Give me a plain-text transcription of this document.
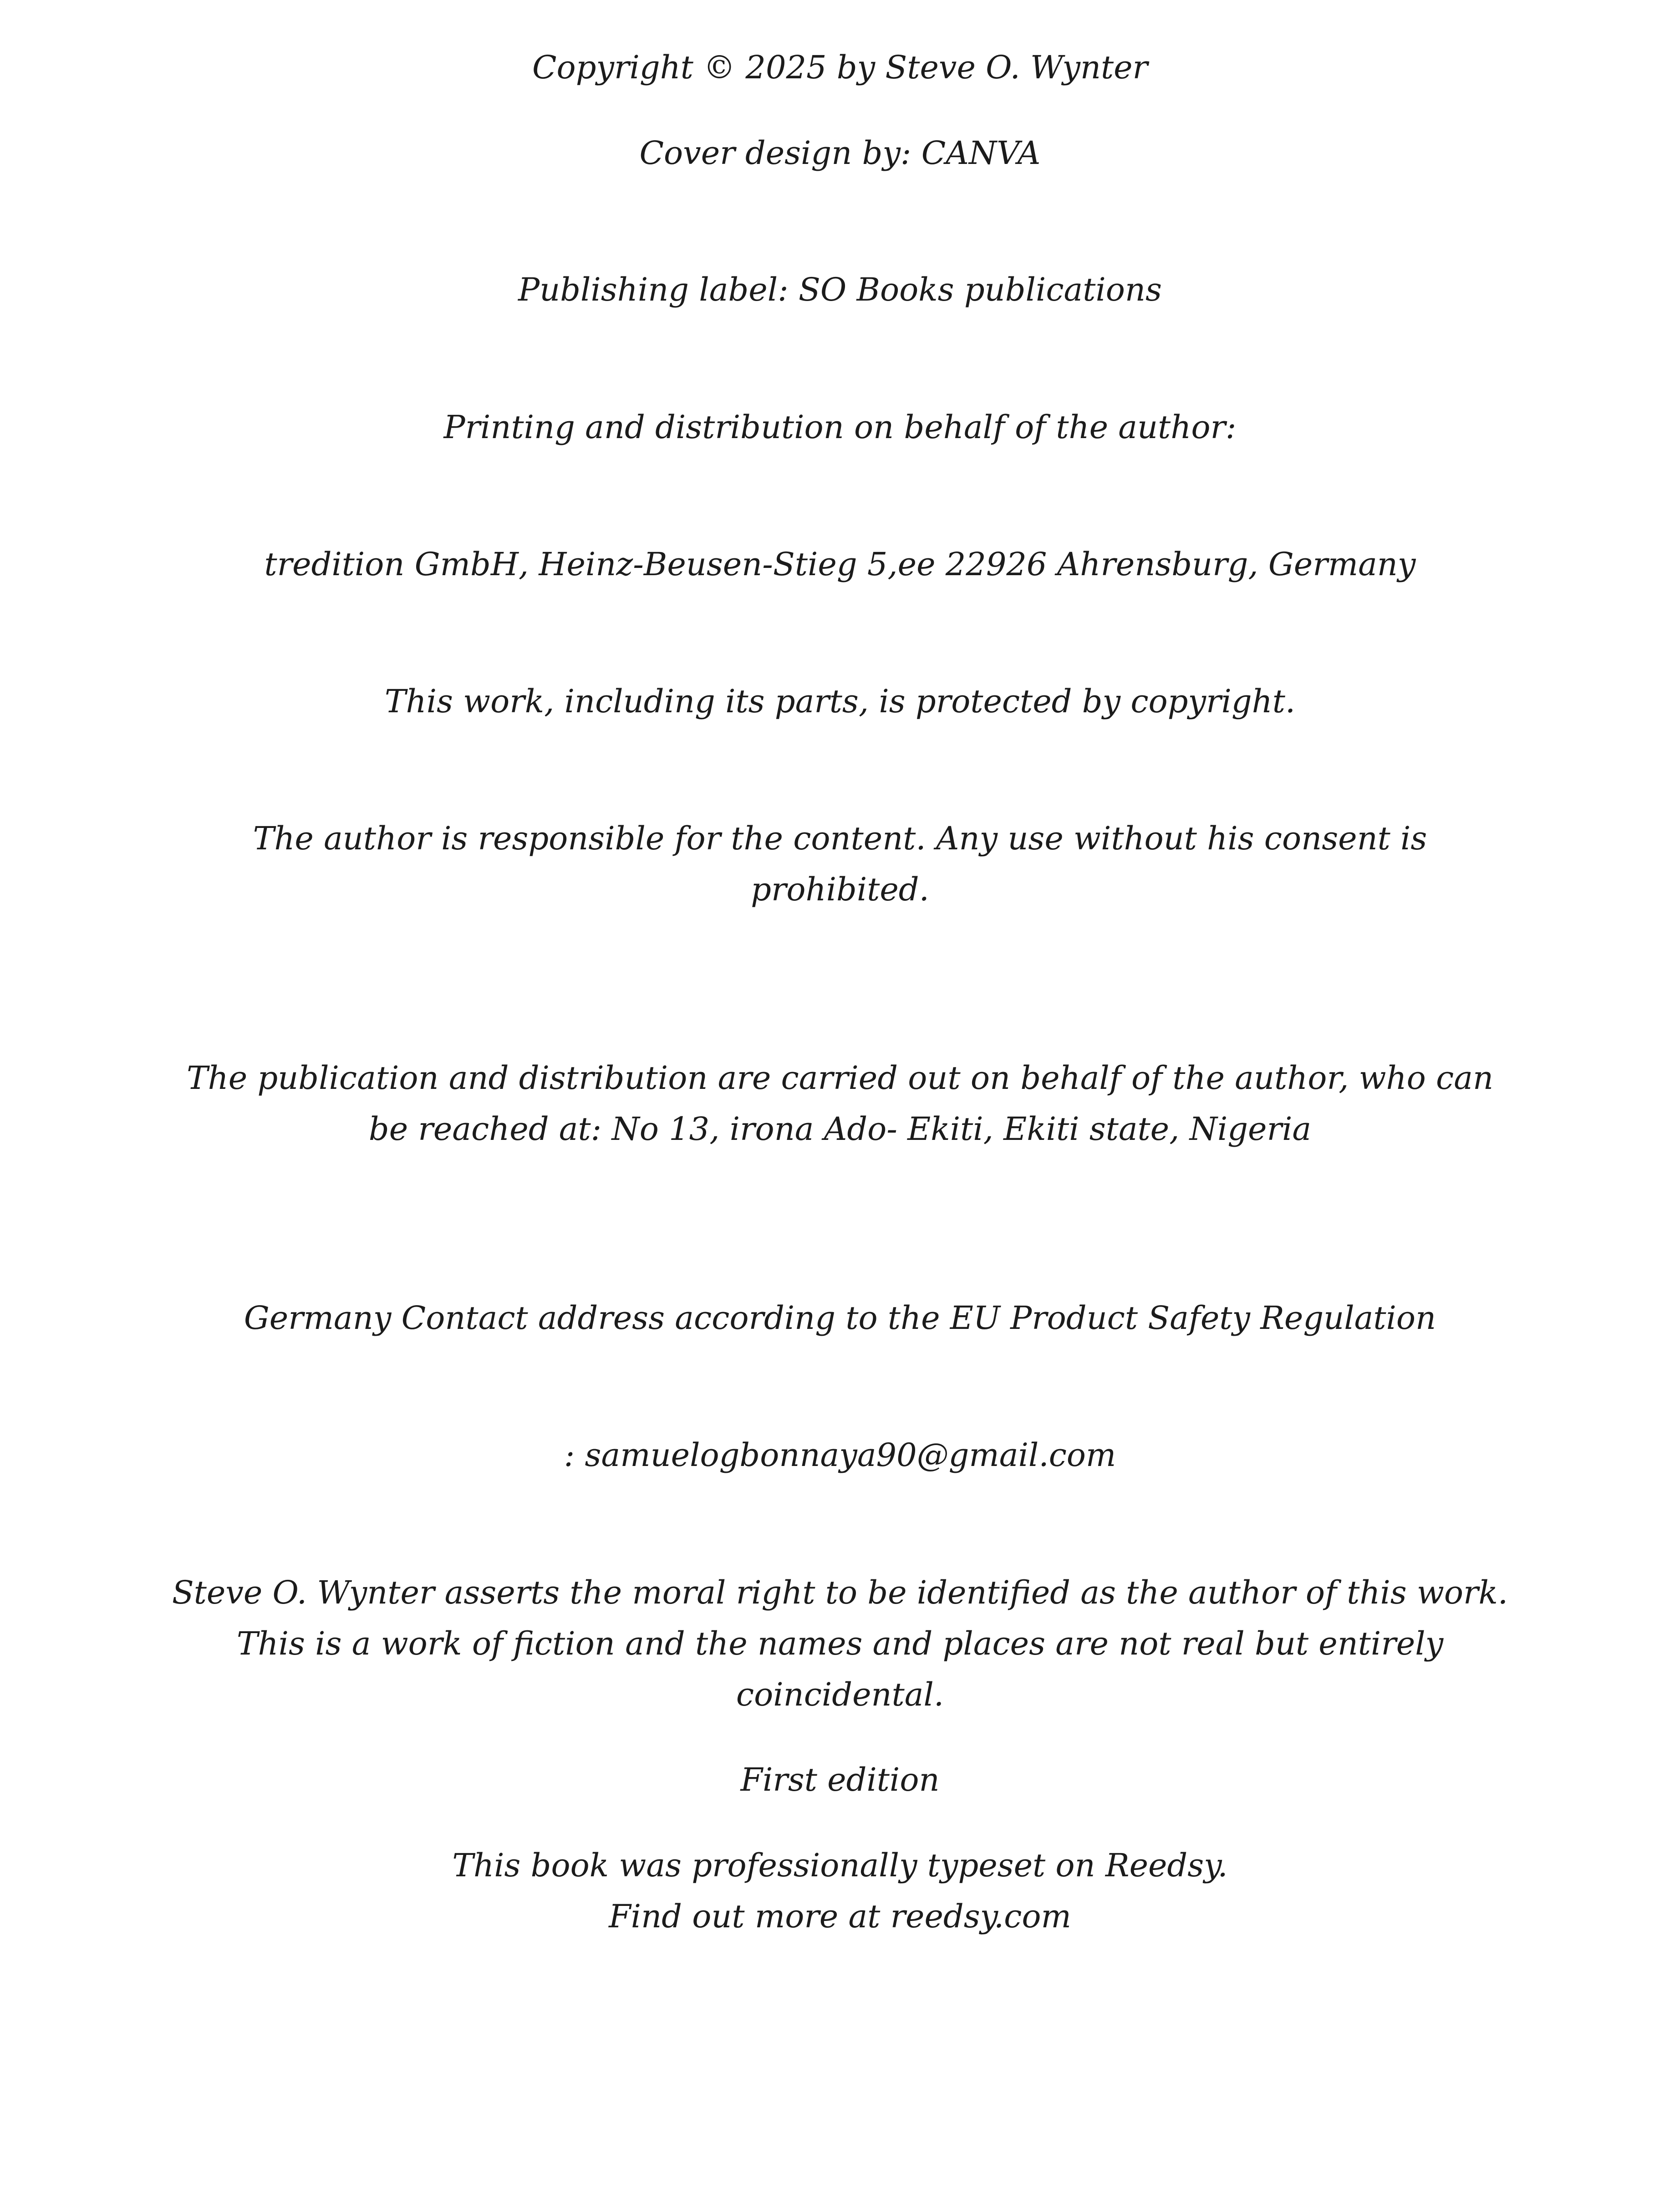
Copyright © 2025 by Steve O. Wynter
Cover design by: CANVA
Publishing label: SO Books publications
Printing and distribution on behalf of the author:
tredition GmbH, Heinz-Beusen-Stieg 5,ee 22926 Ahrensburg, Germany
This work, including its parts, is protected by copyright.
The author is responsible for the content. Any use without his consent is
prohibited.
The publication and distribution are carried out on behalf of the author, who can
be reached at: No 13, irona Ado- Ekiti, Ekiti state, Nigeria
Germany Contact address according to the EU Product Safety Regulation
: samuelogbonnaya90@gmail.com
Steve O. Wynter asserts the moral right to be identified as the author of this work.
This is a work of fiction and the names and places are not real but entirely
coincidental.
First edition
This book was professionally typeset on Reedsy.
Find out more at reedsy.com
